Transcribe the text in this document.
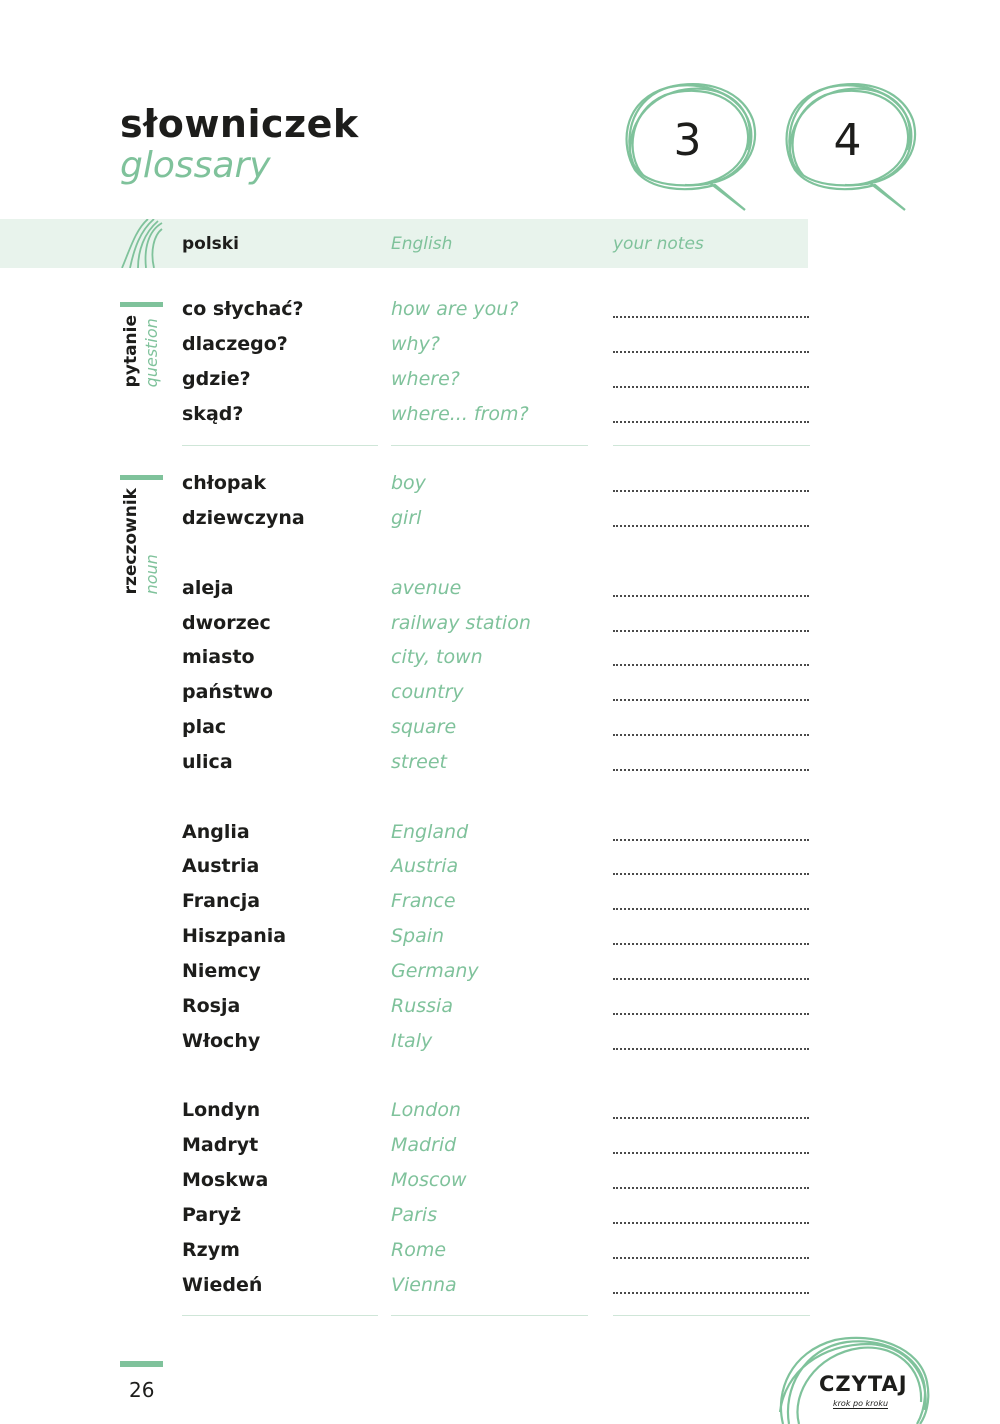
słowniczek
glossary	3	4
polski	English	your notes
pytanie question
rzeczownik noun
co słychać?	how are you?
dlaczego?	why?
gdzie?	where?
skąd?	where... from?
chłopak	boy
dziewczyna	girl
aleja	avenue
dworzec	railway station
miasto	city, town
państwo	country
plac	square
ulica	street
Anglia	England
Austria	Austria
Francja	France
Hiszpania	Spain
Niemcy	Germany
Rosja	Russia
Włochy	Italy
Londyn	London
Madryt	Madrid
Moskwa	Moscow
Paryż	Paris
Rzym	Rome
Wiedeń	Vienna
26	CZYTAJ
krok po kroku
